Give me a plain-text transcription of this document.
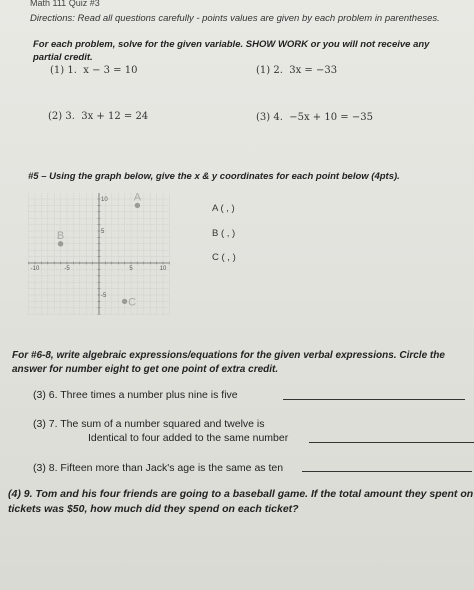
Math 111 Quiz #3
Directions: Read all questions carefully - points values are given by each problem in parentheses.
For each problem, solve for the given variable. SHOW WORK or you will not receive any partial credit.
(1) 1. x − 3 = 10	(1) 2. 3x = −33
(2) 3. 3x + 12 = 24	(3) 4. −5x + 10 = −35
#5 – Using the graph below, give the x & y coordinates for each point below (4pts).
-10	-5	5	10
10
5
-5
A
B
C
A ( , )
B ( , )
C ( , )
For #6-8, write algebraic expressions/equations for the given verbal expressions. Circle the answer for number eight to get one point of extra credit.
(3) 6. Three times a number plus nine is five
(3) 7. The sum of a number squared and twelve is
Identical to four added to the same number
(3) 8. Fifteen more than Jack's age is the same as ten
(4) 9. Tom and his four friends are going to a baseball game. If the total amount they spent on tickets was $50, how much did they spend on each ticket?
